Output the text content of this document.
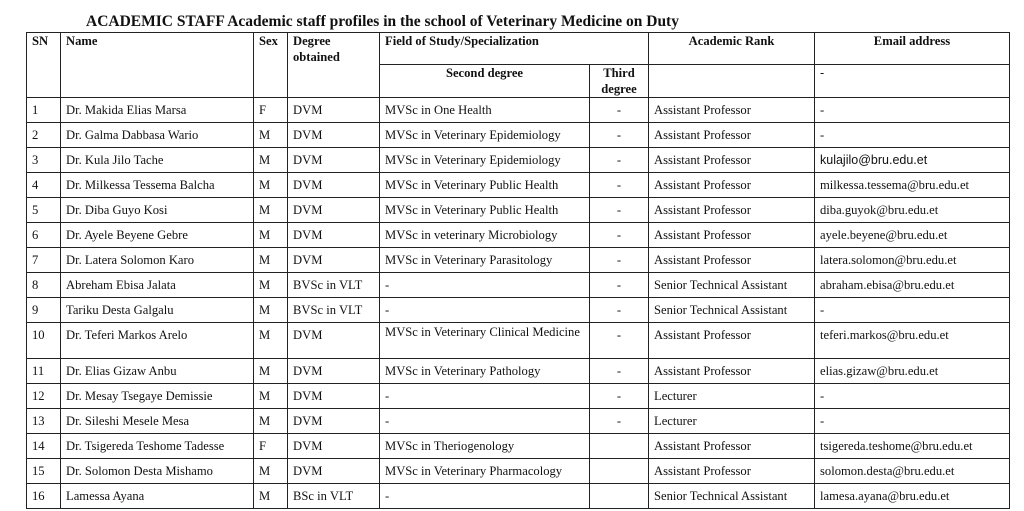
ACADEMIC STAFF Academic staff profiles in the school of Veterinary Medicine on Duty
SN	Name	Sex	Degree obtained	Field of Study/Specialization		Academic Rank	Email address
				Second degree	Third degree		-
1	Dr. Makida Elias Marsa	F	DVM	MVSc in One Health	-	Assistant Professor	-
2	Dr. Galma Dabbasa Wario	M	DVM	MVSc in Veterinary Epidemiology	-	Assistant Professor	-
3	Dr. Kula Jilo Tache	M	DVM	MVSc in Veterinary Epidemiology	-	Assistant Professor	kulajilo@bru.edu.et
4	Dr. Milkessa Tessema Balcha	M	DVM	MVSc in Veterinary Public Health	-	Assistant Professor	milkessa.tessema@bru.edu.et
5	Dr. Diba Guyo Kosi	M	DVM	MVSc in Veterinary Public Health	-	Assistant Professor	diba.guyok@bru.edu.et
6	Dr. Ayele Beyene Gebre	M	DVM	MVSc in veterinary Microbiology	-	Assistant Professor	ayele.beyene@bru.edu.et
7	Dr. Latera Solomon Karo	M	DVM	MVSc in Veterinary Parasitology	-	Assistant Professor	latera.solomon@bru.edu.et
8	Abreham Ebisa Jalata	M	BVSc in VLT	-	-	Senior Technical Assistant	abraham.ebisa@bru.edu.et
9	Tariku Desta Galgalu	M	BVSc in VLT	-	-	Senior Technical Assistant	-
10	Dr. Teferi Markos Arelo	M	DVM	MVSc in Veterinary Clinical Medicine	-	Assistant Professor	teferi.markos@bru.edu.et
11	Dr. Elias Gizaw Anbu	M	DVM	MVSc in Veterinary Pathology	-	Assistant Professor	elias.gizaw@bru.edu.et
12	Dr. Mesay Tsegaye Demissie	M	DVM	-	-	Lecturer	-
13	Dr. Sileshi Mesele Mesa	M	DVM	-	-	Lecturer	-
14	Dr. Tsigereda Teshome Tadesse	F	DVM	MVSc in Theriogenology		Assistant Professor	tsigereda.teshome@bru.edu.et
15	Dr. Solomon Desta Mishamo	M	DVM	MVSc in Veterinary Pharmacology		Assistant Professor	solomon.desta@bru.edu.et
16	Lamessa Ayana	M	BSc in VLT	-		Senior Technical Assistant	lamesa.ayana@bru.edu.et
